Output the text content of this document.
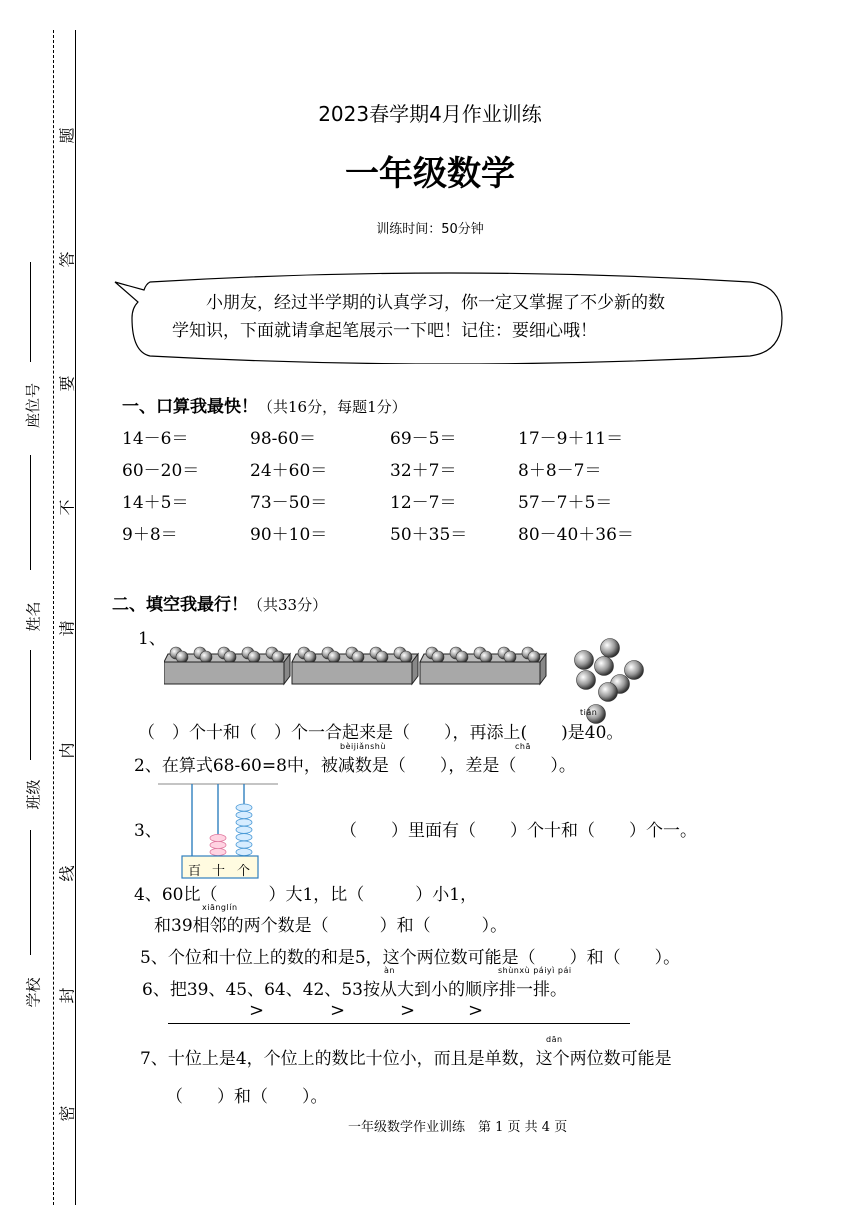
题
答
要
不
请
内
线
封
密
座位号
姓名
班级
学校
2023春学期4月作业训练
一年级数学
训练时间：50分钟
小朋友，经过半学期的认真学习，你一定又掌握了不少新的数
学知识，下面就请拿起笔展示一下吧！记住：要细心哦！
一、口算我最快！（共16分，每题1分）
14－6＝	98-60＝	69－5＝	17－9＋11＝
60－20＝	24＋60＝	32＋7＝	8＋8－7＝
14＋5＝	73－50＝	12－7＝	57－7＋5＝
9＋8＝	90＋10＝	50＋35＝	80－40＋36＝
二、填空我最行！（共33分）
1、
tiān
（　）个十和（　）个一合起来是（　　），再添上(　　)是40。
bèijiǎnshù	chā
2、在算式68-60=8中，被减数是（　　），差是（　　）。
3、
百 十 个
（　　）里面有（　　）个十和（　　）个一。
4、60比（　　　）大1，比（　　　）小1，
xiānglín
和39相邻的两个数是（　　　）和（　　　）。
5、个位和十位上的数的和是5，这个两位数可能是（　　）和（　　）。
àn	shùnxù páiyì pái
6、把39、45、64、42、53按从大到小的顺序排一排。
>	>	>	>
dān
7、十位上是4，个位上的数比十位小，而且是单数，这个两位数可能是
（　　）和（　　）。
一年级数学作业训练　第 1 页 共 4 页
